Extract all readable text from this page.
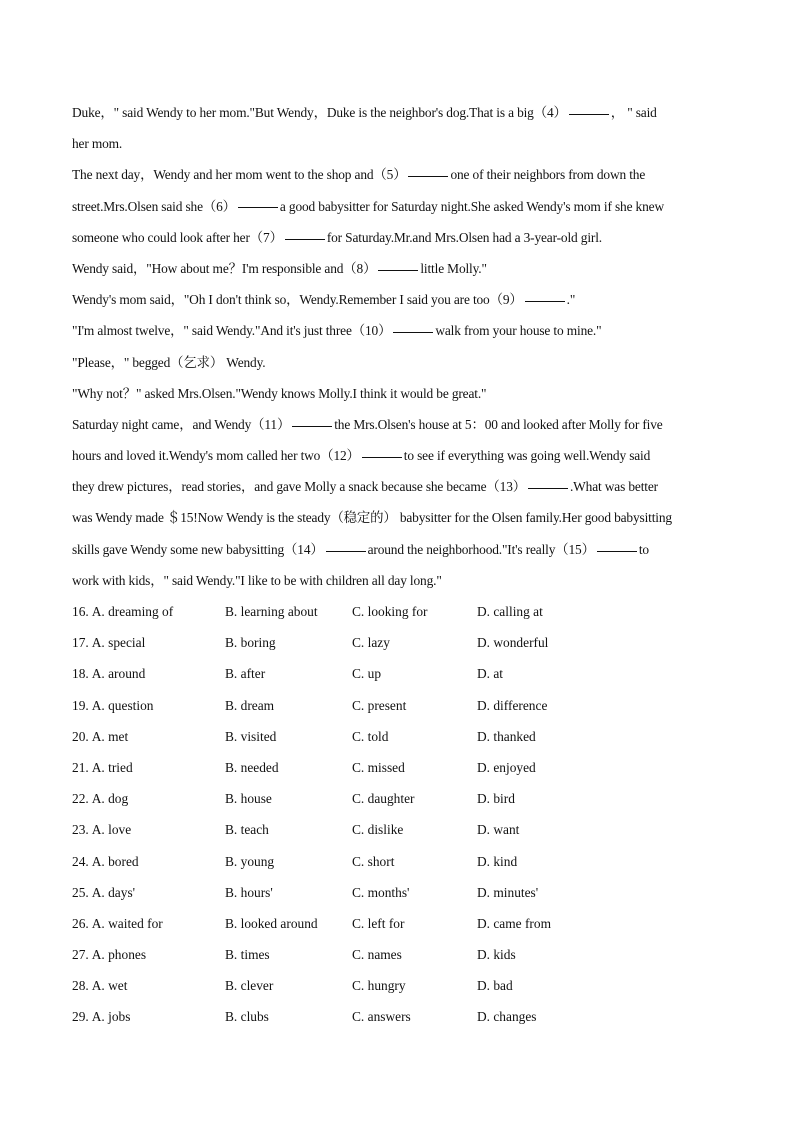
Duke，" said Wendy to her mom."But Wendy，Duke is the neighbor's dog.That is a big（4）	， " said
her mom.
The next day，Wendy and her mom went to the shop and（5）	one of their neighbors from down the
street.Mrs.Olsen said she（6）	a good babysitter for Saturday night.She asked Wendy's mom if she knew
someone who could look after her（7）	for Saturday.Mr.and Mrs.Olsen had a 3-year-old girl.
Wendy said，"How about me？I'm responsible and（8）	little Molly."
Wendy's mom said，"Oh I don't think so，Wendy.Remember I said you are too（9）	."
"I'm almost twelve，" said Wendy."And it's just three（10）	walk from your house to mine."
"Please，" begged（乞求） Wendy.
"Why not？" asked Mrs.Olsen."Wendy knows Molly.I think it would be great."
Saturday night came，and Wendy（11）	the Mrs.Olsen's house at 5：00 and looked after Molly for five
hours and loved it.Wendy's mom called her two（12）	to see if everything was going well.Wendy said
they drew pictures，read stories，and gave Molly a snack because she became（13）	.What was better
was Wendy made ＄15!Now Wendy is the steady（稳定的） babysitter for the Olsen family.Her good babysitting
skills gave Wendy some new babysitting（14）	around the neighborhood."It's really（15）	to
work with kids，" said Wendy."I like to be with children all day long."
16. A. dreaming of	B. learning about	C. looking for	D. calling at
17. A. special	B. boring	C. lazy	D. wonderful
18. A. around	B. after	C. up	D. at
19. A. question	B. dream	C. present	D. difference
20. A. met	B. visited	C. told	D. thanked
21. A. tried	B. needed	C. missed	D. enjoyed
22. A. dog	B. house	C. daughter	D. bird
23. A. love	B. teach	C. dislike	D. want
24. A. bored	B. young	C. short	D. kind
25. A. days'	B. hours'	C. months'	D. minutes'
26. A. waited for	B. looked around	C. left for	D. came from
27. A. phones	B. times	C. names	D. kids
28. A. wet	B. clever	C. hungry	D. bad
29. A. jobs	B. clubs	C. answers	D. changes
